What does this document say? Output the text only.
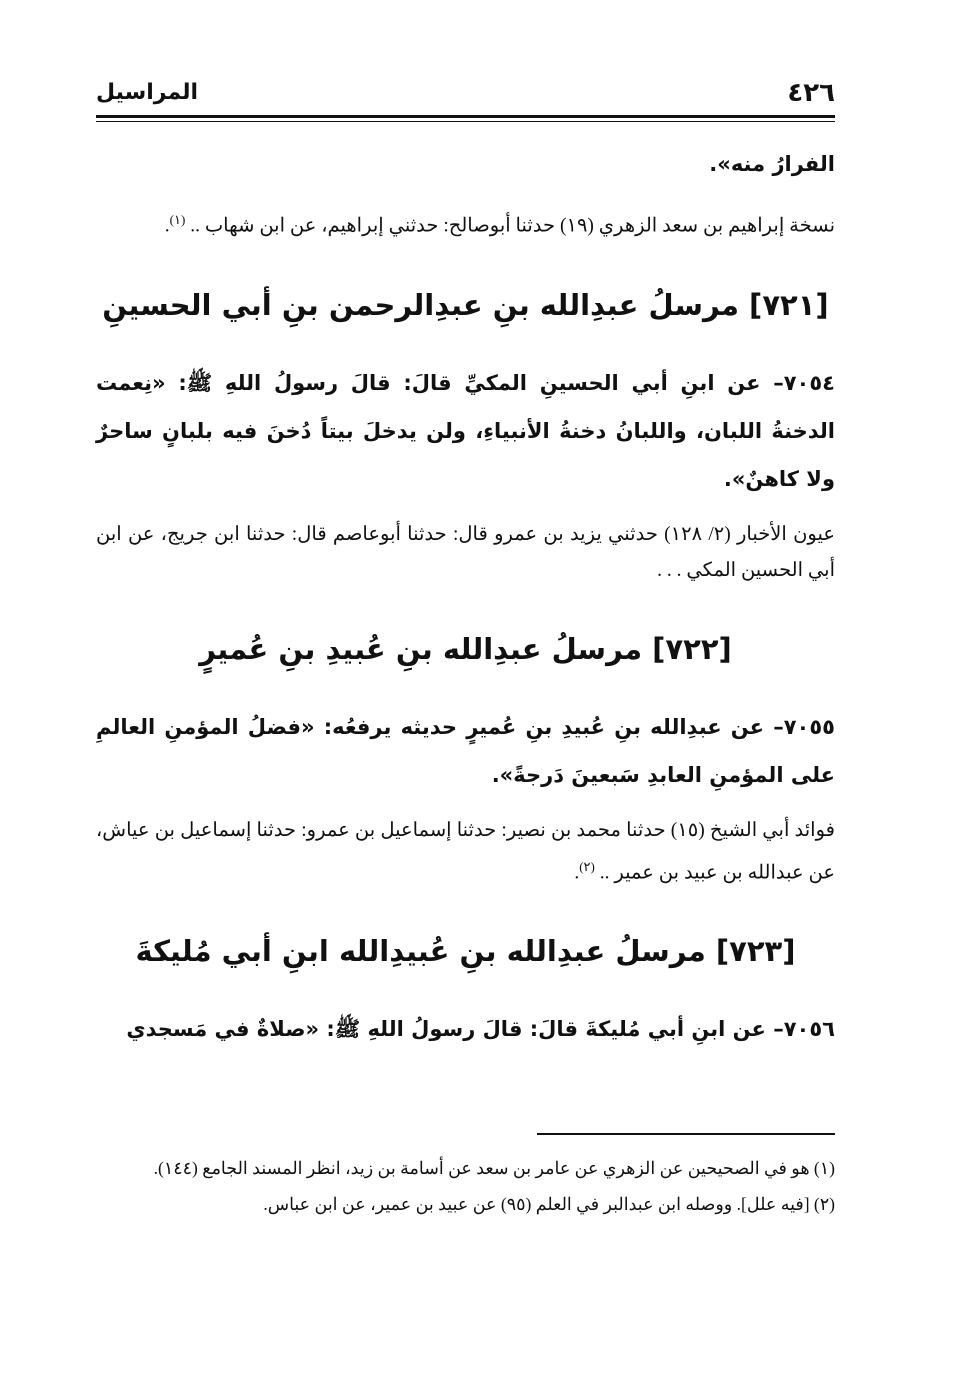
٤٢٦
المراسيل

الفرارُ منه».

نسخة إبراهيم بن سعد الزهري (١٩) حدثنا أبوصالح: حدثني إبراهيم، عن ابن شهاب .. $^{(١)}$.

[٧٢١] مرسلُ عبدِالله بنِ عبدِالرحمن بنِ أبي الحسينِ

٧٠٥٤– عن ابنِ أبي الحسينِ المكيِّ قالَ: قالَ رسولُ اللهِ ﷺ: «نِعمت الدخنةُ اللبان، واللبانُ دخنةُ الأنبياءِ، ولن يدخلَ بيتاً دُخنَ فيه بلبانٍ ساحرٌ ولا كاهنٌ».

عيون الأخبار (٢/ ١٢٨) حدثني يزيد بن عمرو قال: حدثنا أبوعاصم قال: حدثنا ابن جريج، عن ابن أبي الحسين المكي . . .

[٧٢٢] مرسلُ عبدِالله بنِ عُبيدِ بنِ عُميرٍ

٧٠٥٥– عن عبدِالله بنِ عُبيدِ بنِ عُميرٍ حديثه يرفعُه: «فضلُ المؤمنِ العالمِ على المؤمنِ العابدِ سَبعينَ دَرجةً».

فوائد أبي الشيخ (١٥) حدثنا محمد بن نصير: حدثنا إسماعيل بن عمرو: حدثنا إسماعيل بن عياش، عن عبدالله بن عبيد بن عمير .. $^{(٢)}$.

[٧٢٣] مرسلُ عبدِالله بنِ عُبيدِالله ابنِ أبي مُليكةَ

٧٠٥٦– عن ابنِ أبي مُليكةَ قالَ: قالَ رسولُ اللهِ ﷺ: «صلاةٌ في مَسجدي

(١) هو في الصحيحين عن الزهري عن عامر بن سعد عن أسامة بن زيد، انظر المسند الجامع (١٤٤).

(٢) [فيه علل]. ووصله ابن عبدالبر في العلم (٩٥) عن عبيد بن عمير، عن ابن عباس.
